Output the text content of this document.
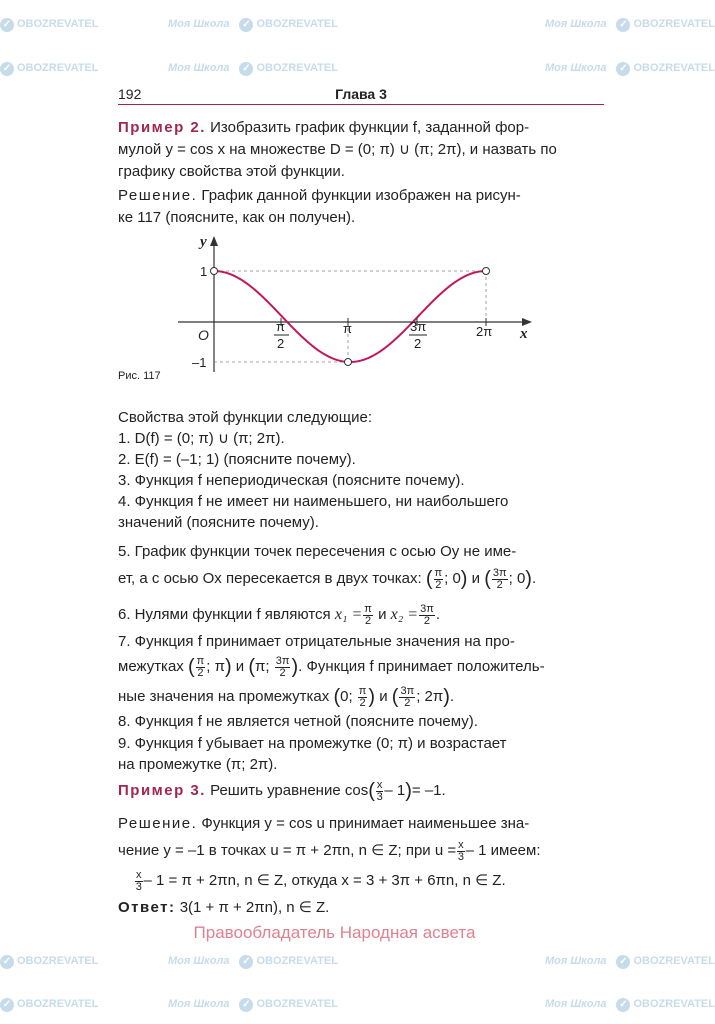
✓ OBOZREVATEL	Моя Школа ✓ OBOZREVATEL	Моя Школа ✓ OBOZREVATEL
✓ OBOZREVATEL	Моя Школа ✓ OBOZREVATEL	Моя Школа ✓ OBOZREVATEL
✓ OBOZREVATEL	Моя Школа ✓ OBOZREVATEL	Моя Школа ✓ OBOZREVATEL
✓ OBOZREVATEL	Моя Школа ✓ OBOZREVATEL	Моя Школа ✓ OBOZREVATEL
192	Глава 3
Пример 2. Изобразить график функции f, заданной фор-
мулой y = cos x на множестве D = (0; π) ∪ (π; 2π), и назвать по
графику свойства этой функции.
Решение. График данной функции изображен на рисун-
ке 117 (поясните, как он получен).
y
x
O
1
–1
π
2
π	3π
2
2π
Рис. 117
Свойства этой функции следующие:
1. D(f) = (0; π) ∪ (π; 2π).
2. E(f) = (–1; 1) (поясните почему).
3. Функция f непериодическая (поясните почему).
4. Функция f не имеет ни наименьшего, ни наибольшего
значений (поясните почему).
5. График функции точек пересечения с осью Oy не име-
ет, а с осью Ox пересекается в двух точках: ( $\frac{\pi}{2}$ ; 0) и ( $\frac{3\pi}{2}$ ; 0).
6. Нулями функции f являются $x_1 = \frac{\pi}{2}$ и $x_2 = \frac{3\pi}{2}$ .
7. Функция f принимает отрицательные значения на про-
межутках ( $\frac{\pi}{2}$ ; π) и (π; $\frac{3\pi}{2}$ ). Функция f принимает положитель-
ные значения на промежутках (0; $\frac{\pi}{2}$ ) и ( $\frac{3\pi}{2}$ ; 2π).
8. Функция f не является четной (поясните почему).
9. Функция f убывает на промежутке (0; π) и возрастает
на промежутке (π; 2π).
Пример 3. Решить уравнение $\cos( \frac{x}{3} - 1)= -1$.
Решение. Функция y = cos u принимает наименьшее зна-
чение y = –1 в точках u = π + 2πn, n ∈ Z; при $u = \frac{x}{3} - 1$ имеем:
$\frac{x}{3} - 1 = \pi + 2\pi n$, n ∈ Z, откуда x = 3 + 3π + 6πn, n ∈ Z.
Ответ: 3(1 + π + 2πn), n ∈ Z.
Правообладатель Народная асвета
